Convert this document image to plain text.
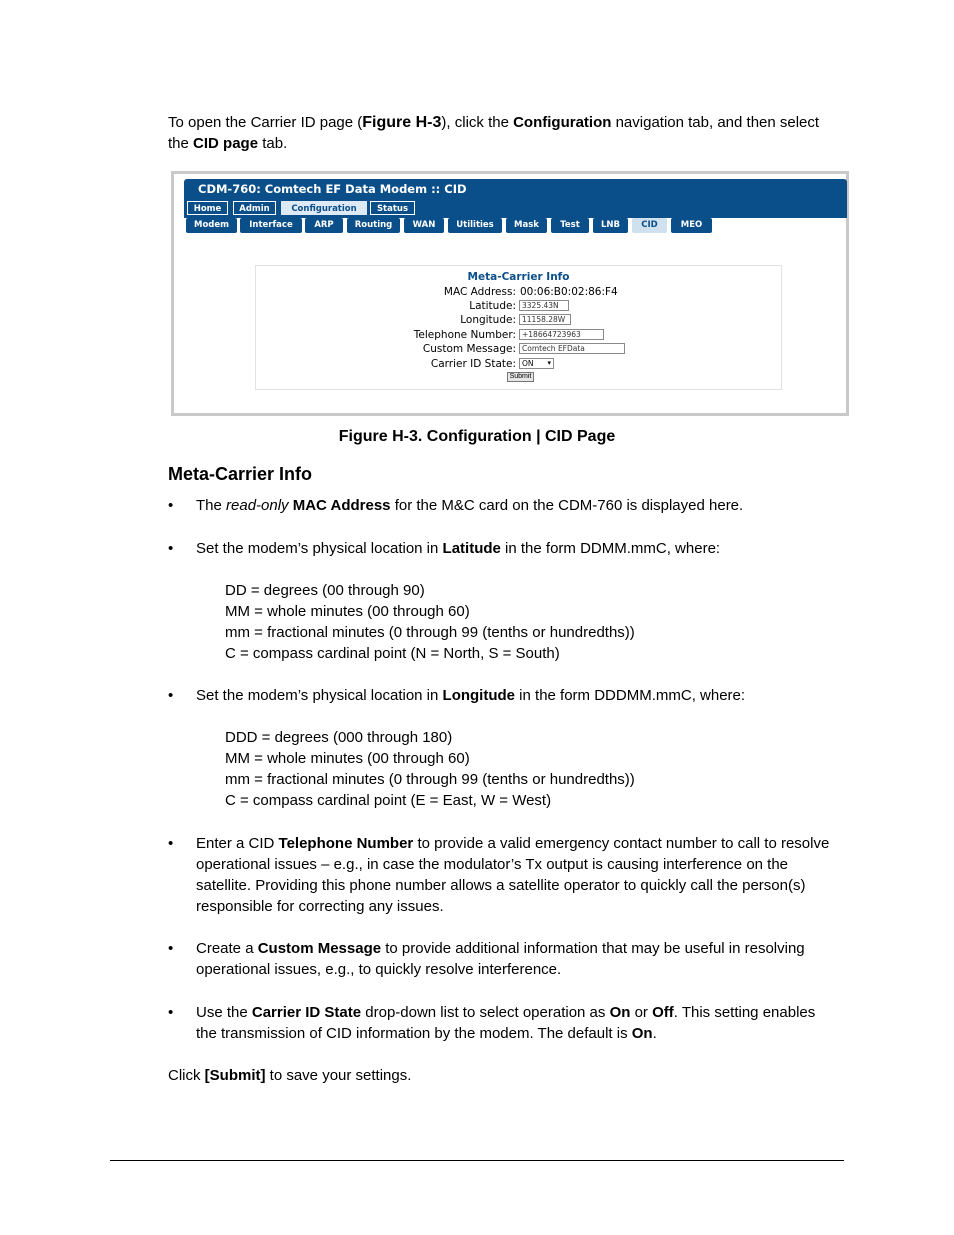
To open the Carrier ID page (Figure H-3), click the Configuration navigation tab, and then select the CID page tab.
CDM-760: Comtech EF Data Modem :: CID
Home	Admin	Configuration	Status
Modem	Interface	ARP	Routing	WAN	Utilities	Mask	Test	LNB	CID	MEO
Meta-Carrier Info
MAC Address: 00:06:B0:02:86:F4
Latitude: 3325.43N
Longitude: 11158.28W
Telephone Number: +18664723963
Custom Message: Comtech EFData
Carrier ID State: ON ▾
Submit
Figure H-3. Configuration | CID Page
Meta-Carrier Info
• The read-only MAC Address for the M&C card on the CDM-760 is displayed here.
• Set the modem’s physical location in Latitude in the form DDMM.mmC, where:
DD = degrees (00 through 90)
MM = whole minutes (00 through 60)
mm = fractional minutes (0 through 99 (tenths or hundredths))
C = compass cardinal point (N = North, S = South)
• Set the modem’s physical location in Longitude in the form DDDMM.mmC, where:
DDD = degrees (000 through 180)
MM = whole minutes (00 through 60)
mm = fractional minutes (0 through 99 (tenths or hundredths))
C = compass cardinal point (E = East, W = West)
• Enter a CID Telephone Number to provide a valid emergency contact number to call to resolve operational issues – e.g., in case the modulator’s Tx output is causing interference on the satellite. Providing this phone number allows a satellite operator to quickly call the person(s) responsible for correcting any issues.
• Create a Custom Message to provide additional information that may be useful in resolving operational issues, e.g., to quickly resolve interference.
• Use the Carrier ID State drop-down list to select operation as On or Off. This setting enables the transmission of CID information by the modem. The default is On.
Click [Submit] to save your settings.
